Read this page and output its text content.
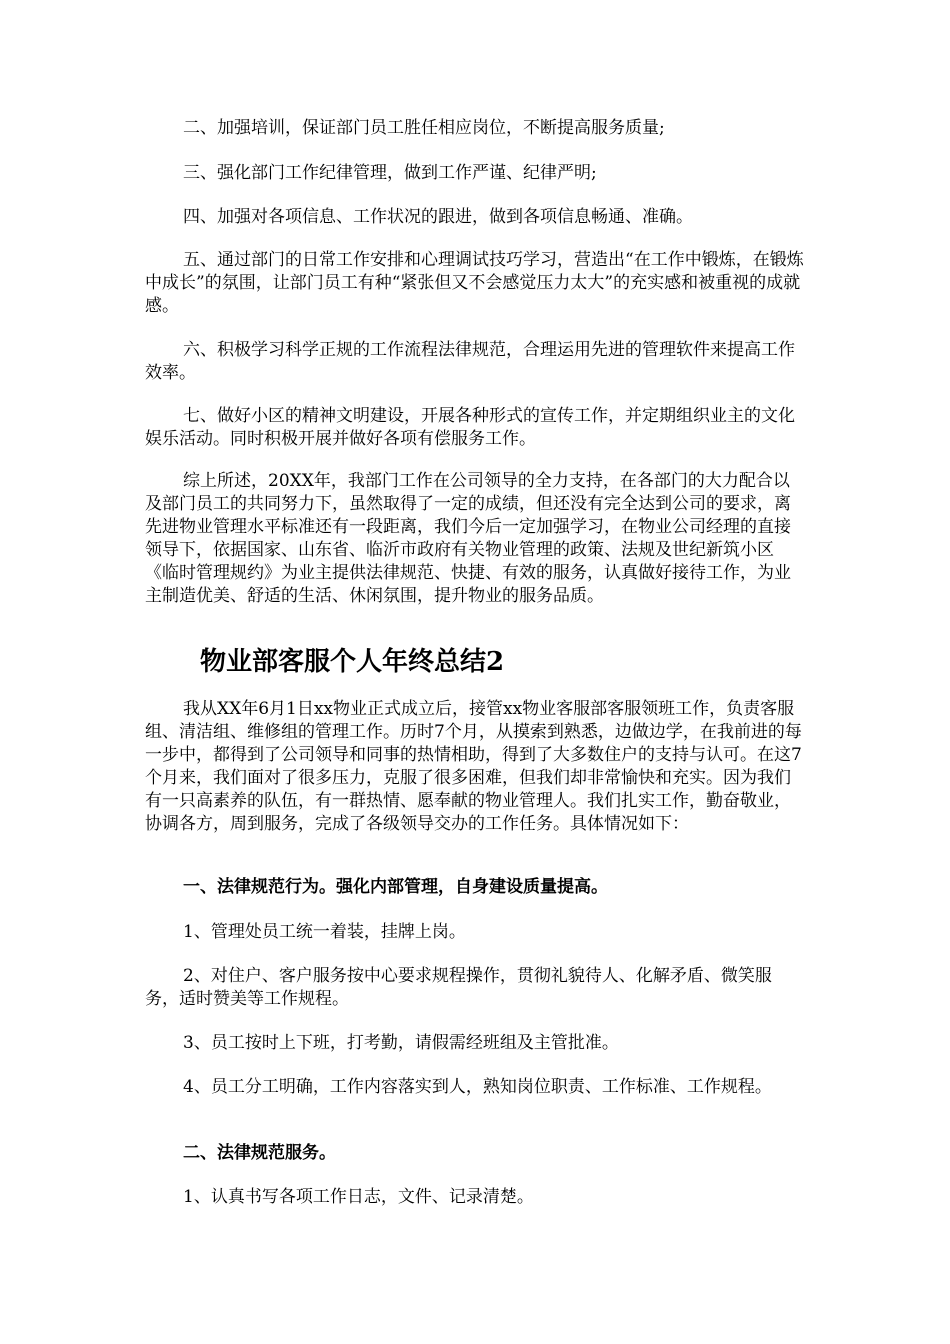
二、加强培训，保证部门员工胜任相应岗位，不断提高服务质量;

三、强化部门工作纪律管理，做到工作严谨、纪律严明;

四、加强对各项信息、工作状况的跟进，做到各项信息畅通、准确。

五、通过部门的日常工作安排和心理调试技巧学习，营造出“在工作中锻炼，在锻炼中成长”的氛围，让部门员工有种“紧张但又不会感觉压力太大”的充实感和被重视的成就感。

六、积极学习科学正规的工作流程法律规范，合理运用先进的管理软件来提高工作效率。

七、做好小区的精神文明建设，开展各种形式的宣传工作，并定期组织业主的文化娱乐活动。同时积极开展并做好各项有偿服务工作。

综上所述，20XX年，我部门工作在公司领导的全力支持，在各部门的大力配合以及部门员工的共同努力下，虽然取得了一定的成绩，但还没有完全达到公司的要求，离先进物业管理水平标准还有一段距离，我们今后一定加强学习，在物业公司经理的直接领导下，依据国家、山东省、临沂市政府有关物业管理的政策、法规及世纪新筑小区《临时管理规约》为业主提供法律规范、快捷、有效的服务，认真做好接待工作，为业主制造优美、舒适的生活、休闲氛围，提升物业的服务品质。

物业部客服个人年终总结2

我从XX年6月1日xx物业正式成立后，接管xx物业客服部客服领班工作，负责客服组、清洁组、维修组的管理工作。历时7个月，从摸索到熟悉，边做边学，在我前进的每一步中，都得到了公司领导和同事的热情相助，得到了大多数住户的支持与认可。在这7个月来，我们面对了很多压力，克服了很多困难，但我们却非常愉快和充实。因为我们有一只高素养的队伍，有一群热情、愿奉献的物业管理人。我们扎实工作，勤奋敬业，协调各方，周到服务，完成了各级领导交办的工作任务。具体情况如下：

一、法律规范行为。强化内部管理，自身建设质量提高。

1、管理处员工统一着装，挂牌上岗。

2、对住户、客户服务按中心要求规程操作，贯彻礼貌待人、化解矛盾、微笑服务，适时赞美等工作规程。

3、员工按时上下班，打考勤，请假需经班组及主管批准。

4、员工分工明确，工作内容落实到人，熟知岗位职责、工作标准、工作规程。

二、法律规范服务。

1、认真书写各项工作日志，文件、记录清楚。
